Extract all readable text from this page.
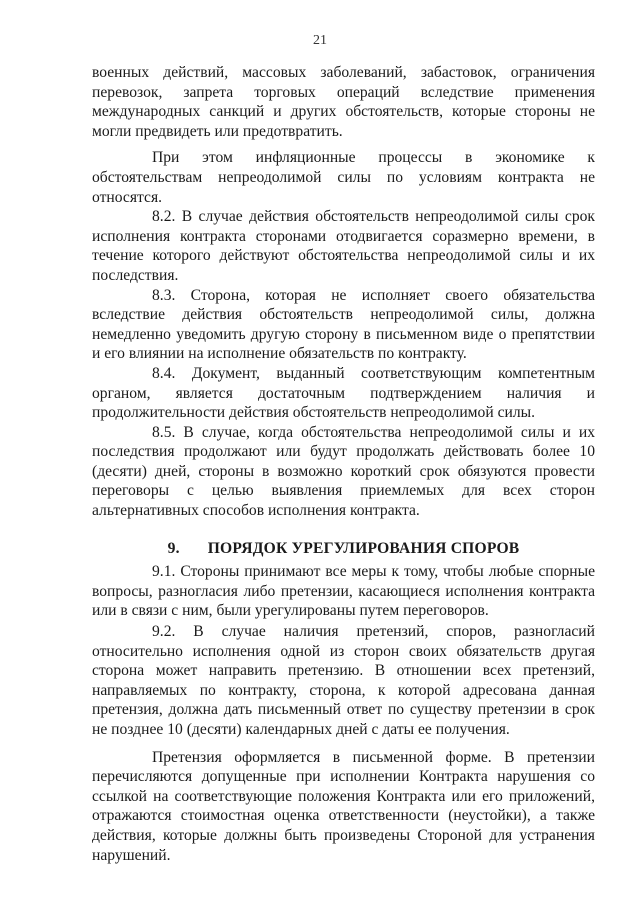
21

военных действий, массовых заболеваний, забастовок, ограничения перевозок, запрета торговых операций вследствие применения международных санкций и других обстоятельств, которые стороны не могли предвидеть или предотвратить.

При этом инфляционные процессы в экономике к обстоятельствам непреодолимой силы по условиям контракта не относятся.

8.2. В случае действия обстоятельств непреодолимой силы срок исполнения контракта сторонами отодвигается соразмерно времени, в течение которого действуют обстоятельства непреодолимой силы и их последствия.

8.3. Сторона, которая не исполняет своего обязательства вследствие действия обстоятельств непреодолимой силы, должна немедленно уведомить другую сторону в письменном виде о препятствии и его влиянии на исполнение обязательств по контракту.

8.4. Документ, выданный соответствующим компетентным органом, является достаточным подтверждением наличия и продолжительности действия обстоятельств непреодолимой силы.

8.5. В случае, когда обстоятельства непреодолимой силы и их последствия продолжают или будут продолжать действовать более 10 (десяти) дней, стороны в возможно короткий срок обязуются провести переговоры с целью выявления приемлемых для всех сторон альтернативных способов исполнения контракта.

9. ПОРЯДОК УРЕГУЛИРОВАНИЯ СПОРОВ

9.1. Стороны принимают все меры к тому, чтобы любые спорные вопросы, разногласия либо претензии, касающиеся исполнения контракта или в связи с ним, были урегулированы путем переговоров.

9.2. В случае наличия претензий, споров, разногласий относительно исполнения одной из сторон своих обязательств другая сторона может направить претензию. В отношении всех претензий, направляемых по контракту, сторона, к которой адресована данная претензия, должна дать письменный ответ по существу претензии в срок не позднее 10 (десяти) календарных дней с даты ее получения.

Претензия оформляется в письменной форме. В претензии перечисляются допущенные при исполнении Контракта нарушения со ссылкой на соответствующие положения Контракта или его приложений, отражаются стоимостная оценка ответственности (неустойки), а также действия, которые должны быть произведены Стороной для устранения нарушений.
